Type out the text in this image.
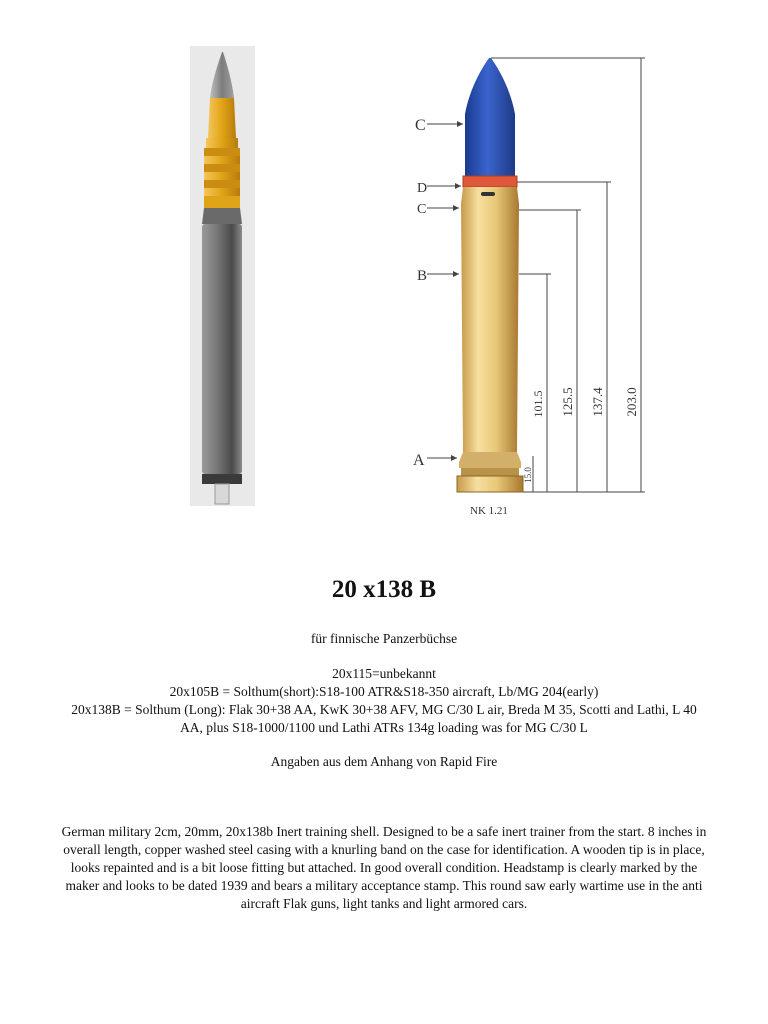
C
D
C
B
A
203.0
137.4
125.5
101.5
15.0
NK 1.21
20 x138 B

für finnische Panzerbüchse

20x115=unbekannt

20x105B = Solthum(short):S18-100 ATR&S18-350 aircraft, Lb/MG 204(early)

20x138B = Solthum (Long): Flak 30+38 AA, KwK 30+38 AFV, MG C/30 L air, Breda M 35, Scotti and Lathi, L 40 AA, plus S18-1000/1100 und Lathi ATRs 134g loading was for MG C/30 L

Angaben aus dem Anhang von Rapid Fire

German military 2cm, 20mm, 20x138b Inert training shell. Designed to be a safe inert trainer from the start. 8 inches in overall length, copper washed steel casing with a knurling band on the case for identification. A wooden tip is in place, looks repainted and is a bit loose fitting but attached. In good overall condition. Headstamp is clearly marked by the maker and looks to be dated 1939 and bears a military acceptance stamp. This round saw early wartime use in the anti aircraft Flak guns, light tanks and light armored cars.
